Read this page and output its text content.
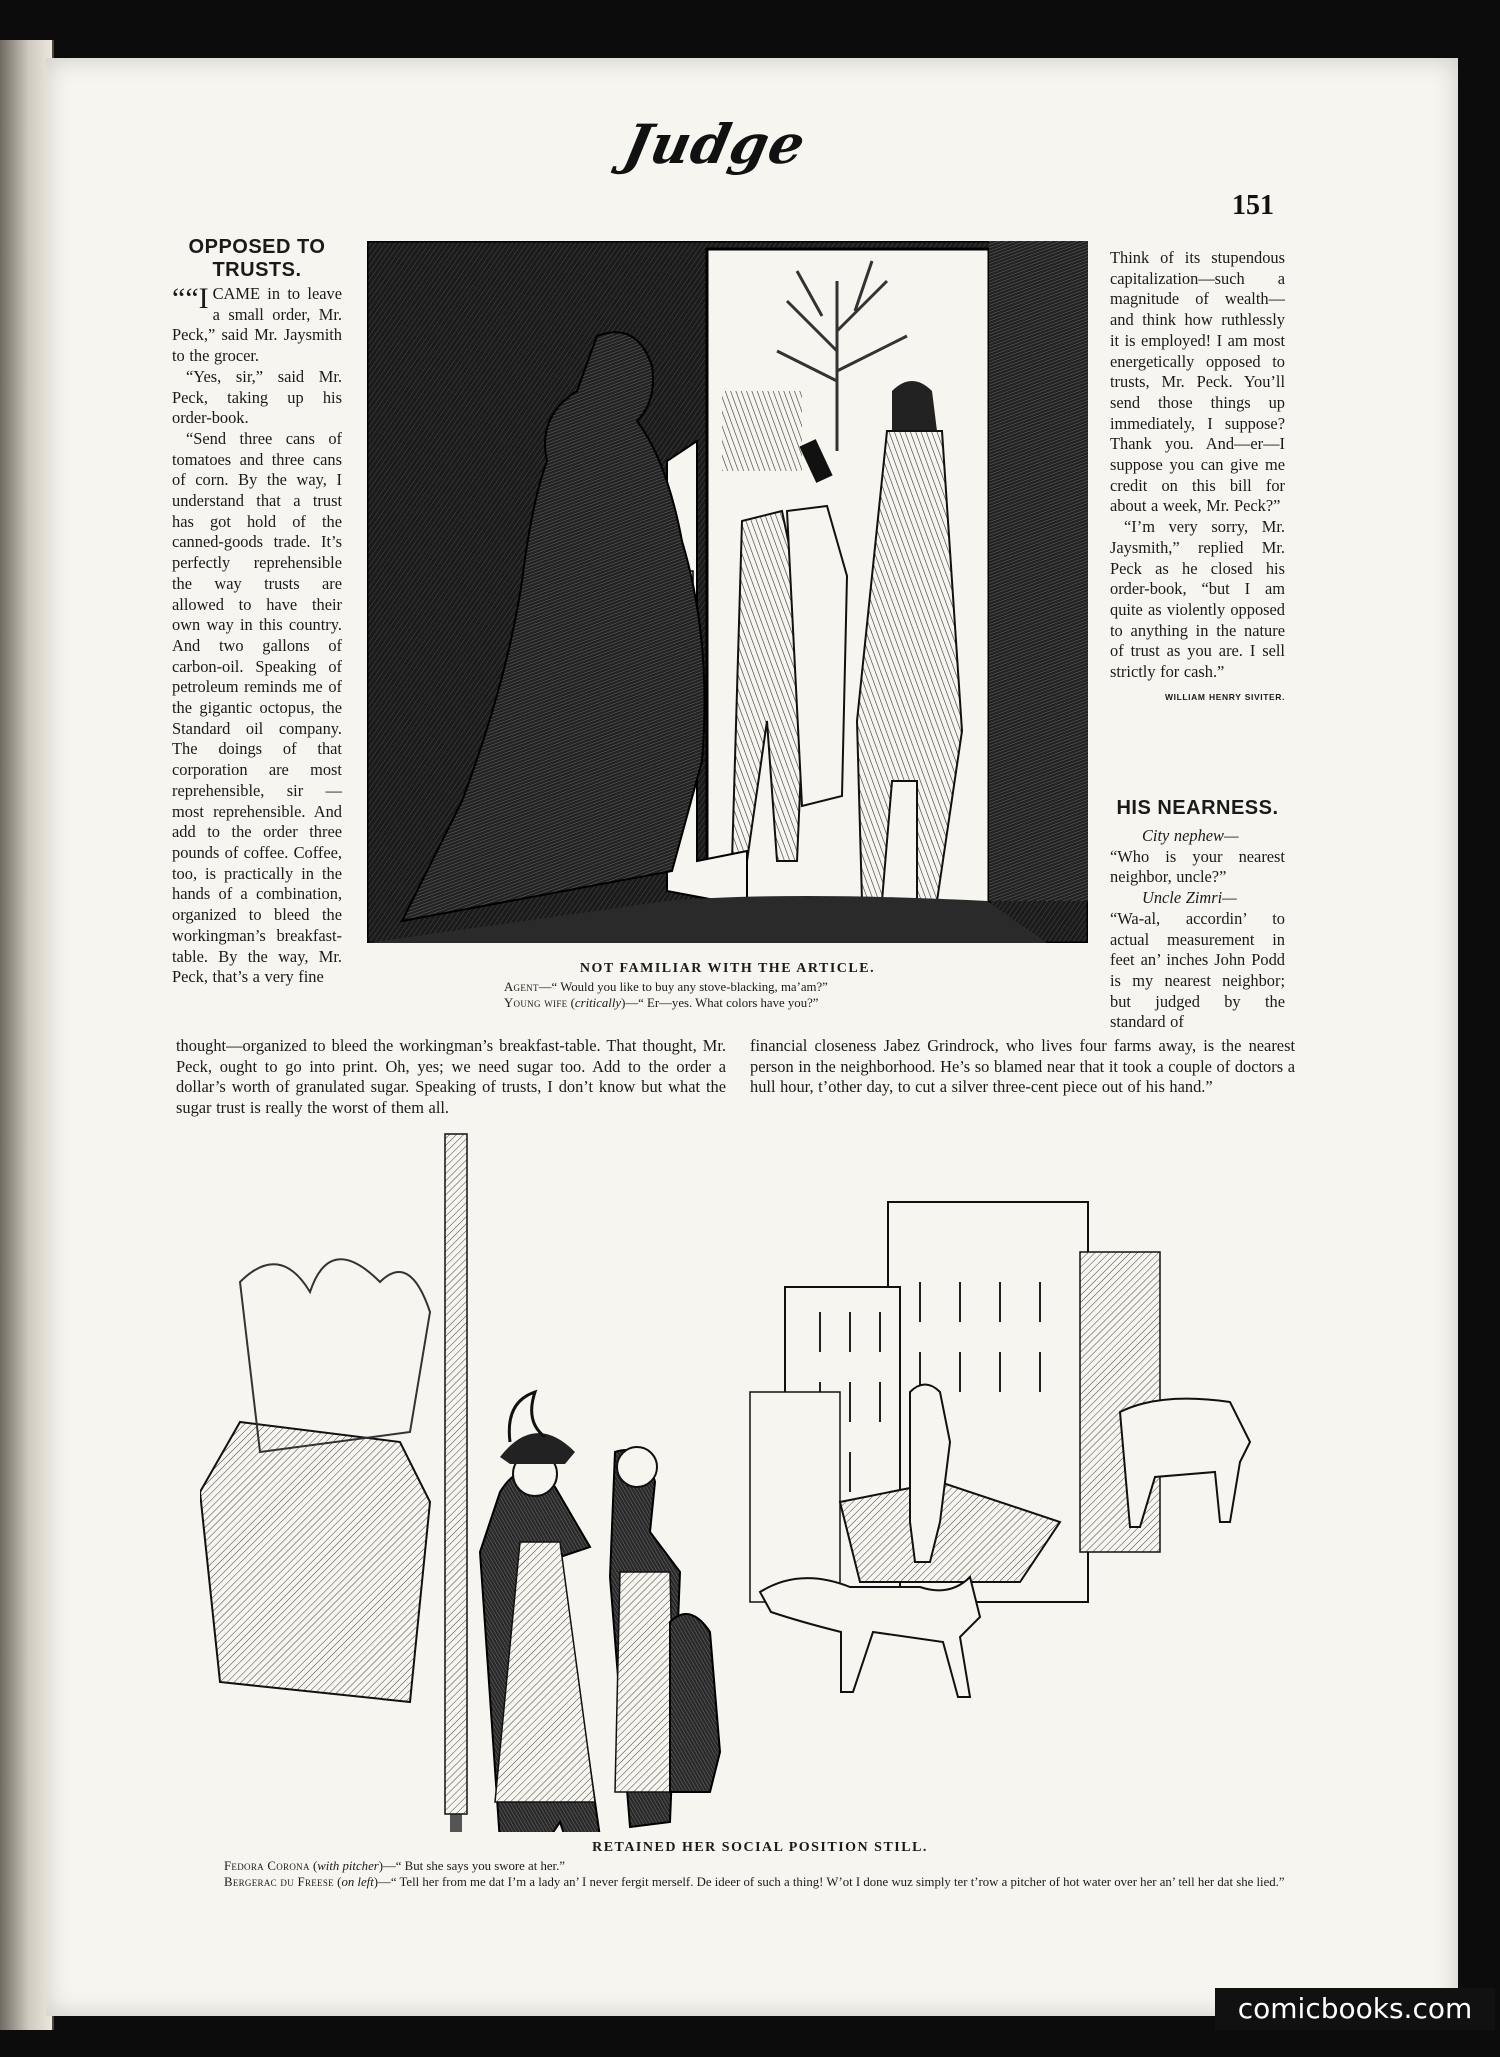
Judge
151
OPPOSED TO TRUSTS.

““I CAME in to leave a small order, Mr. Peck,” said Mr. Jaysmith to the grocer.

“Yes, sir,” said Mr. Peck, taking up his order-book.

“Send three cans of tomatoes and three cans of corn. By the way, I understand that a trust has got hold of the canned-goods trade. It’s perfectly reprehensible the way trusts are allowed to have their own way in this country. And two gallons of carbon-oil. Speaking of petroleum reminds me of the gigantic octopus, the Standard oil company. The doings of that corporation are most reprehensible, sir — most reprehensible. And add to the order three pounds of coffee. Coffee, too, is practically in the hands of a combination, organized to bleed the workingman’s breakfast-table. By the way, Mr. Peck, that’s a very fine	NOT FAMILIAR WITH THE ARTICLE.
Agent—“ Would you like to buy any stove-blacking, ma’am?”
Young wife (critically)—“ Er—yes. What colors have you?”

Think of its stupendous capitalization—such a magnitude of wealth—and think how ruthlessly it is employed! I am most energetically opposed to trusts, Mr. Peck. You’ll send those things up immediately, I suppose? Thank you. And—er—I suppose you can give me credit on this bill for about a week, Mr. Peck?”

“I’m very sorry, Mr. Jaysmith,” replied Mr. Peck as he closed his order-book, “but I am quite as violently opposed to anything in the nature of trust as you are. I sell strictly for cash.”

WILLIAM HENRY SIVITER.
HIS NEARNESS.

City nephew—

“Who is your nearest neighbor, uncle?”

Uncle Zimri—

“Wa-al, accordin’ to actual measurement in feet an’ inches John Podd is my nearest neighbor; but judged by the standard of

thought—organized to bleed the workingman’s breakfast-table. That thought, Mr. Peck, ought to go into print. Oh, yes; we need sugar too. Add to the order a dollar’s worth of granulated sugar. Speaking of trusts, I don’t know but what the sugar trust is really the worst of them all.
financial closeness Jabez Grindrock, who lives four farms away, is the nearest person in the neighborhood. He’s so blamed near that it took a couple of doctors a hull hour, t’other day, to cut a silver three-cent piece out of his hand.”
RETAINED HER SOCIAL POSITION STILL.
Fedora Corona (with pitcher)—“ But she says you swore at her.”
Bergerac du Freese (on left)—“ Tell her from me dat I’m a lady an’ I never fergit merself. De ideer of such a thing! W’ot I done wuz simply ter t’row a pitcher of hot water over her an’ tell her dat she lied.”
comicbooks.com
